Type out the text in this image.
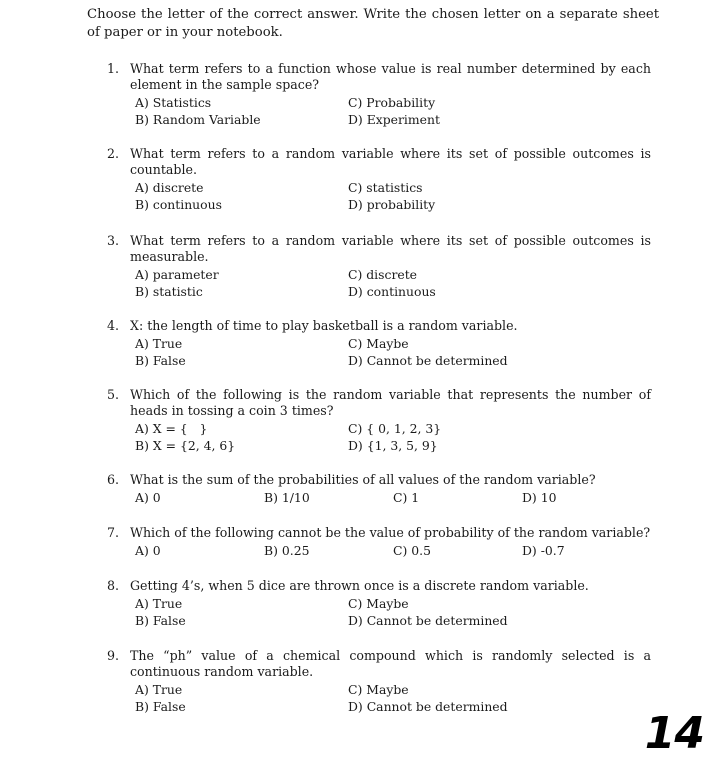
Choose the letter of the correct answer. Write the chosen letter on a separate sheet of paper or in your notebook.
1. What term refers to a function whose value is real number determined by each element in the sample space?
A) Statistics	C) Probability
B) Random Variable	D) Experiment
2. What term refers to a random variable where its set of possible outcomes is countable.
A) discrete	C) statistics
B) continuous	D) probability
3. What term refers to a random variable where its set of possible outcomes is measurable.
A) parameter	C) discrete
B) statistic	D) continuous
4. X: the length of time to play basketball is a random variable.
A) True	C) Maybe
B) False	D) Cannot be determined
5. Which of the following is the random variable that represents the number of heads in tossing a coin 3 times?
A) X = {   }	C) { 0, 1, 2, 3}
B) X = {2, 4, 6}	D) {1, 3, 5, 9}
6. What is the sum of the probabilities of all values of the random variable?
A) 0	B) 1/10	C) 1	D) 10
7. Which of the following cannot be the value of probability of the random variable?
A) 0	B) 0.25	C) 0.5	D) -0.7
8. Getting 4’s, when 5 dice are thrown once is a discrete random variable.
A) True	C) Maybe
B) False	D) Cannot be determined
9. The “ph” value of a chemical compound which is randomly selected is a continuous random variable.
A) True	C) Maybe
B) False	D) Cannot be determined
14
